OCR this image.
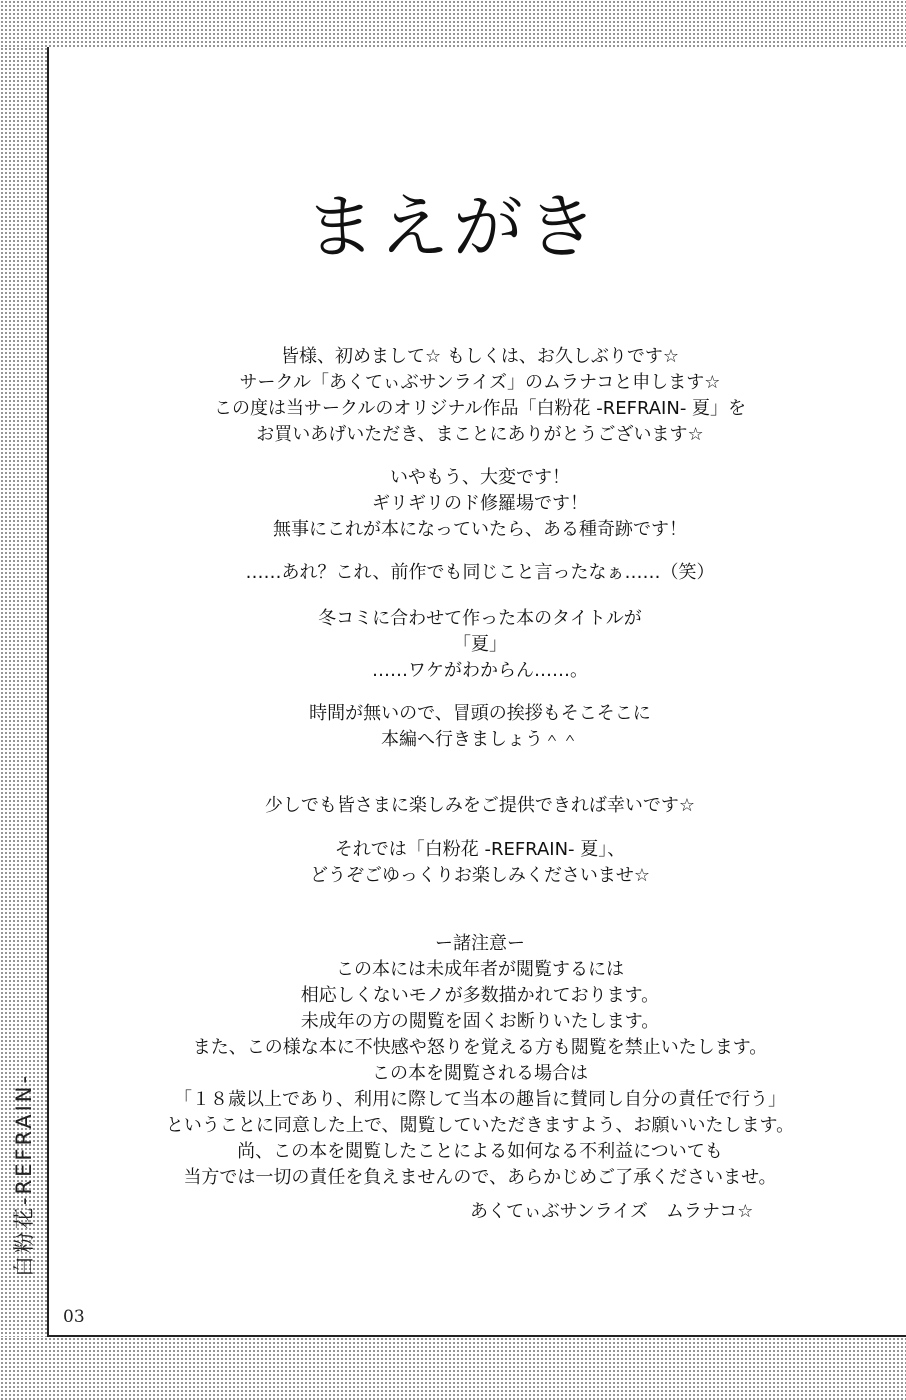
まえがき

皆様、初めまして☆ もしくは、お久しぶりです☆

サークル「あくてぃぶサンライズ」のムラナコと申します☆

この度は当サークルのオリジナル作品「白粉花 -REFRAIN- 夏」を

お買いあげいただき、まことにありがとうございます☆

いやもう、大変です！

ギリギリのド修羅場です！

無事にこれが本になっていたら、ある種奇跡です！

……あれ？これ、前作でも同じこと言ったなぁ……（笑）

冬コミに合わせて作った本のタイトルが

「夏」

……ワケがわからん……。

時間が無いので、冒頭の挨拶もそこそこに

本編へ行きましょう＾＾

少しでも皆さまに楽しみをご提供できれば幸いです☆

それでは「白粉花 -REFRAIN- 夏」、

どうぞごゆっくりお楽しみくださいませ☆

ー諸注意ー

この本には未成年者が閲覧するには

相応しくないモノが多数描かれております。

未成年の方の閲覧を固くお断りいたします。

また、この様な本に不快感や怒りを覚える方も閲覧を禁止いたします。

この本を閲覧される場合は

「１８歳以上であり、利用に際して当本の趣旨に賛同し自分の責任で行う」

ということに同意した上で、閲覧していただきますよう、お願いいたします。

尚、この本を閲覧したことによる如何なる不利益についても

当方では一切の責任を負えませんので、あらかじめご了承くださいませ。

あくてぃぶサンライズ　ムラナコ☆
白粉花-REFRAIN-
03
